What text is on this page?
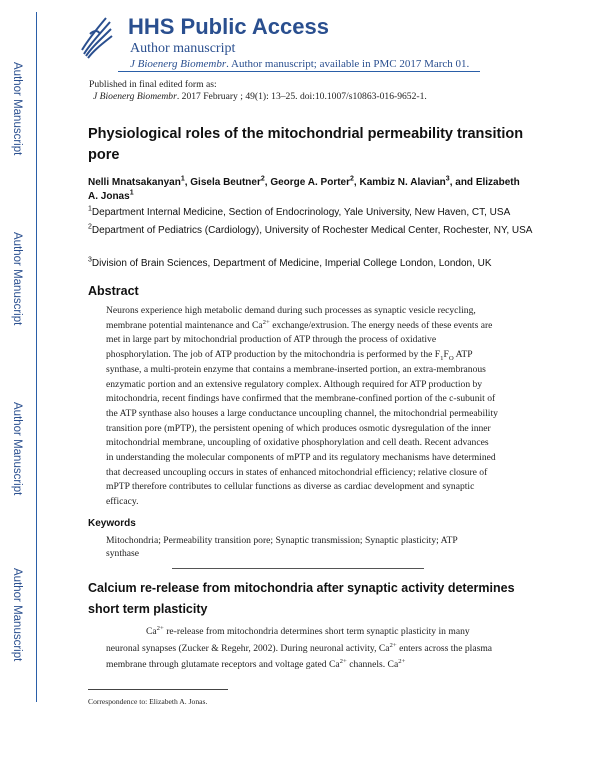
Author Manuscript
Author Manuscript
Author Manuscript
Author Manuscript
HHS Public Access
Author manuscript
J Bioenerg Biomembr. Author manuscript; available in PMC 2017 March 01.
Published in final edited form as:
J Bioenerg Biomembr. 2017 February ; 49(1): 13–25. doi:10.1007/s10863-016-9652-1.
Physiological roles of the mitochondrial permeability transition pore
Nelli Mnatsakanyan$^1$, Gisela Beutner$^2$, George A. Porter$^2$, Kambiz N. Alavian$^3$, and Elizabeth A. Jonas$^1$
$^1$Department Internal Medicine, Section of Endocrinology, Yale University, New Haven, CT, USA
$^2$Department of Pediatrics (Cardiology), University of Rochester Medical Center, Rochester, NY, USA
$^3$Division of Brain Sciences, Department of Medicine, Imperial College London, London, UK
Abstract
Neurons experience high metabolic demand during such processes as synaptic vesicle recycling, membrane potential maintenance and $Ca^{2+}$ exchange/extrusion. The energy needs of these events are met in large part by mitochondrial production of ATP through the process of oxidative phosphorylation. The job of ATP production by the mitochondria is performed by the $F_1F_O$ ATP synthase, a multi-protein enzyme that contains a membrane-inserted portion, an extra-membranous enzymatic portion and an extensive regulatory complex. Although required for ATP production by mitochondria, recent findings have confirmed that the membrane-confined portion of the c-subunit of the ATP synthase also houses a large conductance uncoupling channel, the mitochondrial permeability transition pore (mPTP), the persistent opening of which produces osmotic dysregulation of the inner mitochondrial membrane, uncoupling of oxidative phosphorylation and cell death. Recent advances in understanding the molecular components of mPTP and its regulatory mechanisms have determined that decreased uncoupling occurs in states of enhanced mitochondrial efficiency; relative closure of mPTP therefore contributes to cellular functions as diverse as cardiac development and synaptic efficacy.
Keywords
Mitochondria; Permeability transition pore; Synaptic transmission; Synaptic plasticity; ATP synthase
Calcium re-release from mitochondria after synaptic activity determines short term plasticity
$Ca^{2+}$ re-release from mitochondria determines short term synaptic plasticity in many neuronal synapses (Zucker & Regehr, 2002). During neuronal activity, $Ca^{2+}$ enters across the plasma membrane through glutamate receptors and voltage gated $Ca^{2+}$ channels. $Ca^{2+}$
Correspondence to: Elizabeth A. Jonas.
